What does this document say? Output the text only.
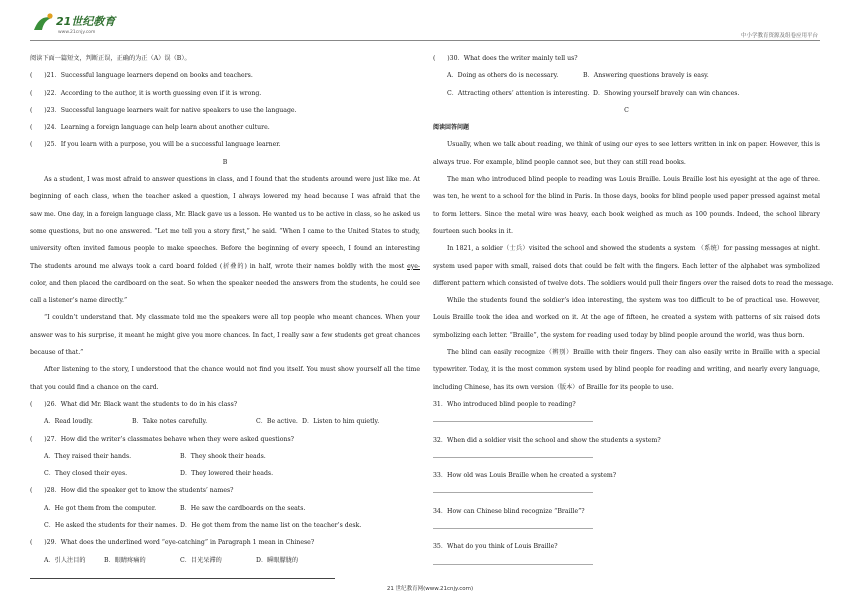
21世纪教育
www.21cnjy.com
中小学教育资源及组卷应用平台
阅读下面一篇短文，判断正误，正确的为正（A）误（B）。
(      )21．Successful language learners depend on books and teachers.
(      )22．According to the author, it is worth guessing even if it is wrong.
(      )23．Successful language learners wait for native speakers to use the language.
(      )24．Learning a foreign language can help learn about another culture.
(      )25．If you learn with a purpose, you will be a successful language learner.
B
As a student, I was most afraid to answer questions in class, and I found that the students around were just like me. At
beginning of each class, when the teacher asked a question, I always lowered my head because I was afraid that the
saw me. One day, in a foreign language class, Mr. Black gave us a lesson. He wanted us to be active in class, so he asked us
some questions, but no one answered. “Let me tell you a story first,” he said. “When I came to the United States to study,
university often invited famous people to make speeches. Before the beginning of every speech, I found an interesting
The students around me always took a card board folded (折叠的) in half, wrote their names boldly with the most eye-
color, and then placed the cardboard on the seat. So when the speaker needed the answers from the students, he could see
call a listener’s name directly.”
“I couldn’t understand that. My classmate told me the speakers were all top people who meant chances. When your
answer was to his surprise, it meant he might give you more chances. In fact, I really saw a few students get great chances
because of that.”
After listening to the story, I understood that the chance would not find you itself. You must show yourself all the time
that you could find a chance on the card.
(      )26．What did Mr. Black want the students to do in his class?
A．Read loudly.	B．Take notes carefully.	C．Be active. D．Listen to him quietly.
(      )27．How did the writer’s classmates behave when they were asked questions?
A．They raised their hands.	B．They shook their heads.
C．They closed their eyes.	D．They lowered their heads.
(      )28．How did the speaker get to know the students’ names?
A．He got them from the computer.	B．He saw the cardboards on the seats.
C．He asked the students for their names. D．He got them from the name list on the teacher’s desk.
(      )29．What does the underlined word “eye-catching” in Paragraph 1 mean in Chinese?
A．引人注目的	B．眼睛疼痛的	C．目光呆滞的	D．瞬眼朦胧的
(      )30．What does the writer mainly tell us?
A．Doing as others do is necessary.	B．Answering questions bravely is easy.
C．Attracting others’ attention is interesting. D．Showing yourself bravely can win chances.
C
阅读回答问题
Usually, when we talk about reading, we think of using our eyes to see letters written in ink on paper. However, this is
always true. For example, blind people cannot see, but they can still read books.
The man who introduced blind people to reading was Louis Braille. Louis Braille lost his eyesight at the age of three.
was ten, he went to a school for the blind in Paris. In those days, books for blind people used paper pressed against metal
to form letters. Since the metal wire was heavy, each book weighed as much as 100 pounds. Indeed, the school library
fourteen such books in it.
In 1821, a soldier（士兵）visited the school and showed the students a system （系统）for passing messages at night.
system used paper with small, raised dots that could be felt with the fingers. Each letter of the alphabet was symbolized
different pattern which consisted of twelve dots. The soldiers would pull their fingers over the raised dots to read the message.
While the students found the soldier’s idea interesting, the system was too difficult to be of practical use. However,
Louis Braille took the idea and worked on it. At the age of fifteen, he created a system with patterns of six raised dots
symbolizing each letter. “Braille”, the system for reading used today by blind people around the world, was thus born.
The blind can easily recognize（辨别）Braille with their fingers. They can also easily write in Braille with a special
typewriter. Today, it is the most common system used by blind people for reading and writing, and nearly every language,
including Chinese, has its own version（版本）of Braille for its people to use.
31．Who introduced blind people to reading?
32．When did a soldier visit the school and show the students a system?
33．How old was Louis Braille when he created a system?
34．How can Chinese blind recognize “Braille”?
35．What do you think of Louis Braille?
21 世纪教育网(www.21cnjy.com)
